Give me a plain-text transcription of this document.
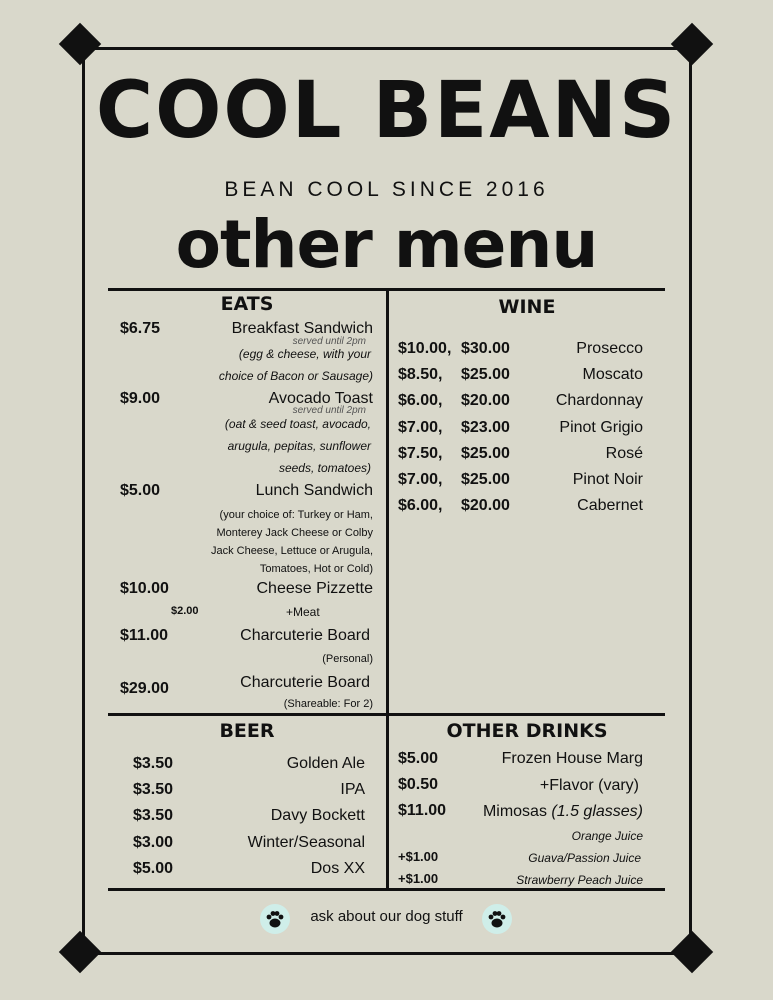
COOL BEANS
BEAN COOL SINCE 2016
other menu
EATS
$6.75	Breakfast Sandwich
served until 2pm
(egg & cheese, with your
choice of Bacon or Sausage)
$9.00	Avocado Toast
served until 2pm
(oat & seed toast, avocado,
arugula, pepitas, sunflower
seeds, tomatoes)
$5.00	Lunch Sandwich
(your choice of: Turkey or Ham,
Monterey Jack Cheese or Colby
Jack Cheese, Lettuce or Arugula,
Tomatoes, Hot or Cold)
$10.00	Cheese Pizzette
$2.00	+Meat
$11.00	Charcuterie Board
(Personal)
$29.00	Charcuterie Board
(Shareable: For 2)
WINE
$10.00, $30.00	Prosecco
$8.50, $25.00	Moscato
$6.00, $20.00	Chardonnay
$7.00, $23.00	Pinot Grigio
$7.50, $25.00	Rosé
$7.00, $25.00	Pinot Noir
$6.00, $20.00	Cabernet
BEER
$3.50	Golden Ale
$3.50	IPA
$3.50	Davy Bockett
$3.00	Winter/Seasonal
$5.00	Dos XX
OTHER DRINKS
$5.00	Frozen House Marg
$0.50	+Flavor (vary)
$11.00 Mimosas (1.5 glasses)
Orange Juice
+$1.00	Guava/Passion Juice
+$1.00	Strawberry Peach Juice
ask about our dog stuff
